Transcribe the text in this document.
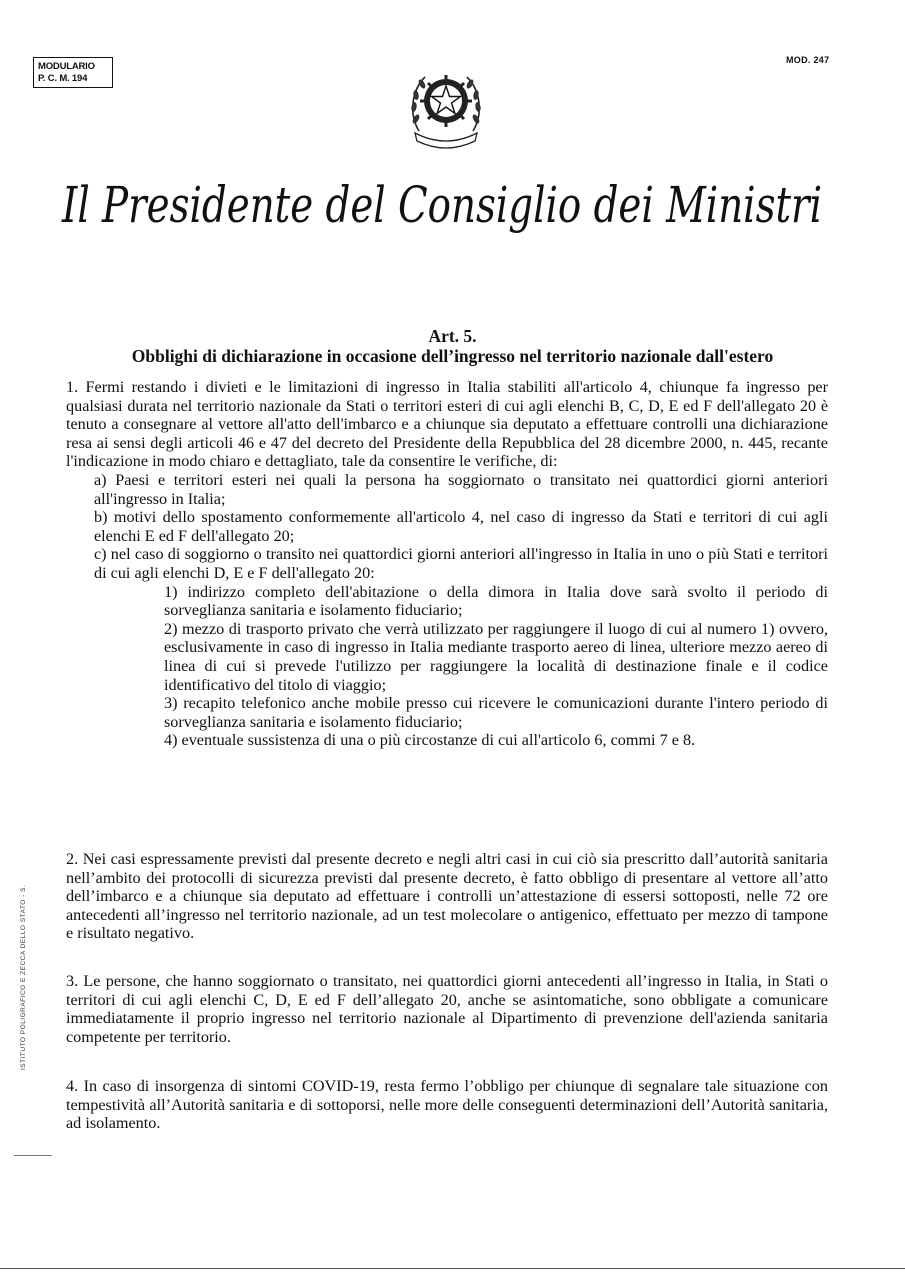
MODULARIO
P. C. M. 194
MOD. 247
Il Presidente del Consiglio dei Ministri
Art. 5.
Obblighi di dichiarazione in occasione dell’ingresso nel territorio nazionale dall'estero

1. Fermi restando i divieti e le limitazioni di ingresso in Italia stabiliti all'articolo 4, chiunque fa ingresso per qualsiasi durata nel territorio nazionale da Stati o territori esteri di cui agli elenchi B, C, D, E ed F dell'allegato 20 è tenuto a consegnare al vettore all'atto dell'imbarco e a chiunque sia deputato a effettuare controlli una dichiarazione resa ai sensi degli articoli 46 e 47 del decreto del Presidente della Repubblica del 28 dicembre 2000, n. 445, recante l'indicazione in modo chiaro e dettagliato, tale da consentire le verifiche, di:

a) Paesi e territori esteri nei quali la persona ha soggiornato o transitato nei quattordici giorni anteriori all'ingresso in Italia;

b) motivi dello spostamento conformemente all'articolo 4, nel caso di ingresso da Stati e territori di cui agli elenchi E ed F dell'allegato 20;

c) nel caso di soggiorno o transito nei quattordici giorni anteriori all'ingresso in Italia in uno o più Stati e territori di cui agli elenchi D, E e F dell'allegato 20:

1) indirizzo completo dell'abitazione o della dimora in Italia dove sarà svolto il periodo di sorveglianza sanitaria e isolamento fiduciario;

2) mezzo di trasporto privato che verrà utilizzato per raggiungere il luogo di cui al numero 1) ovvero, esclusivamente in caso di ingresso in Italia mediante trasporto aereo di linea, ulteriore mezzo aereo di linea di cui si prevede l'utilizzo per raggiungere la località di destinazione finale e il codice identificativo del titolo di viaggio;

3) recapito telefonico anche mobile presso cui ricevere le comunicazioni durante l'intero periodo di sorveglianza sanitaria e isolamento fiduciario;

4) eventuale sussistenza di una o più circostanze di cui all'articolo 6, commi 7 e 8.

2. Nei casi espressamente previsti dal presente decreto e negli altri casi in cui ciò sia prescritto dall’autorità sanitaria nell’ambito dei protocolli di sicurezza previsti dal presente decreto, è fatto obbligo di presentare al vettore all’atto dell’imbarco e a chiunque sia deputato ad effettuare i controlli un’attestazione di essersi sottoposti, nelle 72 ore antecedenti all’ingresso nel territorio nazionale, ad un test molecolare o antigenico, effettuato per mezzo di tampone e risultato negativo.

3. Le persone, che hanno soggiornato o transitato, nei quattordici giorni antecedenti all’ingresso in Italia, in Stati o territori di cui agli elenchi C, D, E ed F dell’allegato 20, anche se asintomatiche, sono obbligate a comunicare immediatamente il proprio ingresso nel territorio nazionale al Dipartimento di prevenzione dell'azienda sanitaria competente per territorio.

4. In caso di insorgenza di sintomi COVID-19, resta fermo l’obbligo per chiunque di segnalare tale situazione con tempestività all’Autorità sanitaria e di sottoporsi, nelle more delle conseguenti determinazioni dell’Autorità sanitaria, ad isolamento.

ISTITUTO POLIGRAFICO E ZECCA DELLO STATO - S.
